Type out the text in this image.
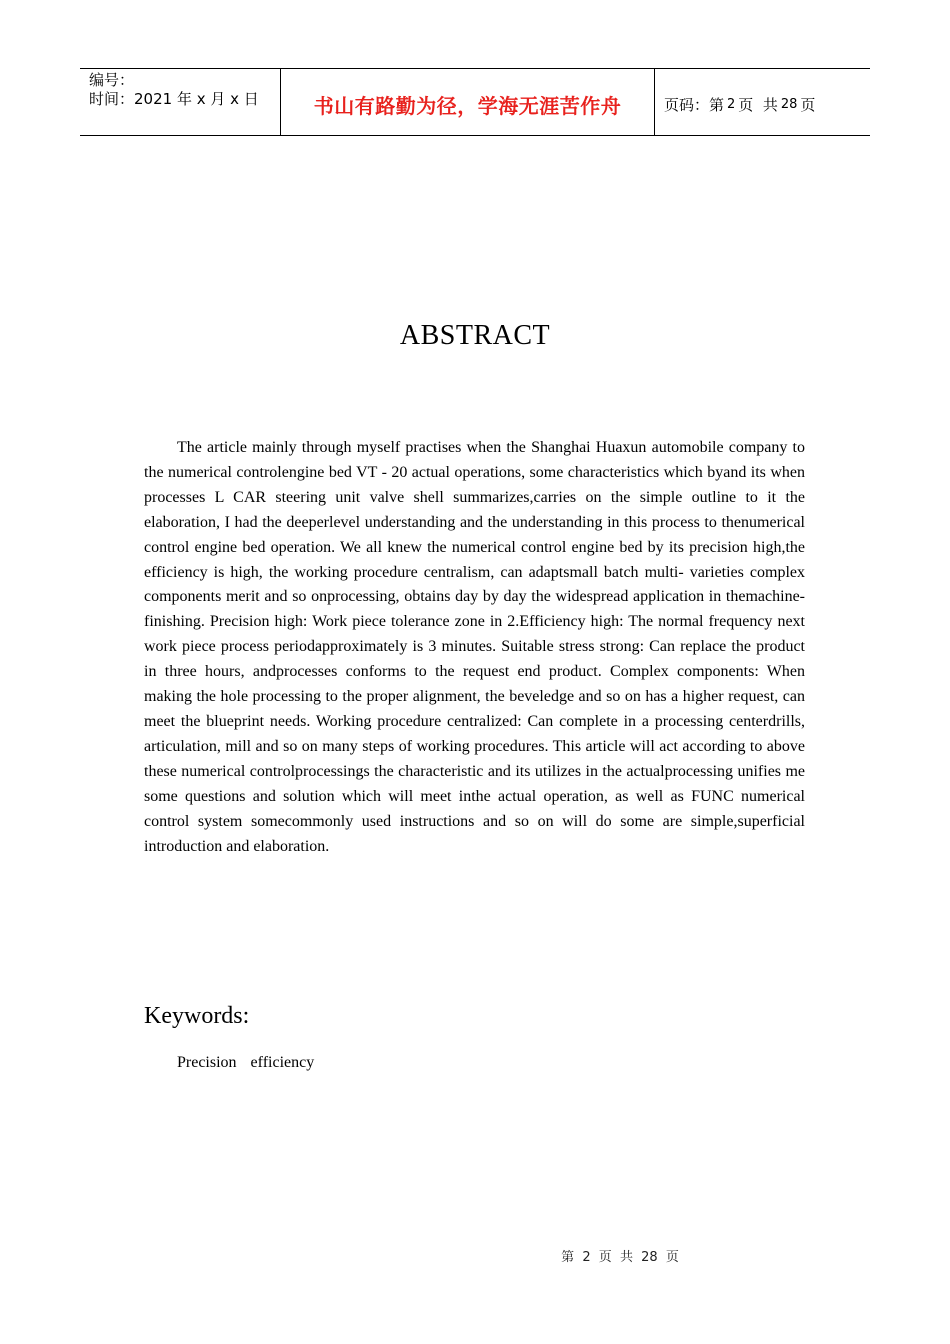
编号：
时间：2021 年 x 月 x 日	书山有路勤为径，学海无涯苦作舟	页码：第 2 页  共 28 页
ABSTRACT

The article mainly through myself practises when the Shanghai Huaxun automobile company to the numerical controlengine bed VT - 20 actual operations, some characteristics which byand its when processes L CAR steering unit valve shell summarizes,carries on the simple outline to it the elaboration, I had the deeperlevel understanding and the understanding in this process to thenumerical control engine bed operation. We all knew the numerical control engine bed by its precision high,the efficiency is high, the working procedure centralism, can adaptsmall batch multi- varieties complex components merit and so onprocessing, obtains day by day the widespread application in themachine-finishing. Precision high: Work piece tolerance zone in 2.Efficiency high: The normal frequency next work piece process periodapproximately is 3 minutes. Suitable stress strong: Can replace the product in three hours, andprocesses conforms to the request end product. Complex components: When making the hole processing to the proper alignment, the beveledge and so on has a higher request, can meet the blueprint needs. Working procedure centralized: Can complete in a processing centerdrills, articulation, mill and so on many steps of working procedures. This article will act according to above these numerical controlprocessings the characteristic and its utilizes in the actualprocessing unifies me some questions and solution which will meet inthe actual operation, as well as FUNC numerical control system somecommonly used instructions and so on will do some are simple,superficial introduction and elaboration.

Keywords:
Precision  efficiency
第 2 页  共 28 页
